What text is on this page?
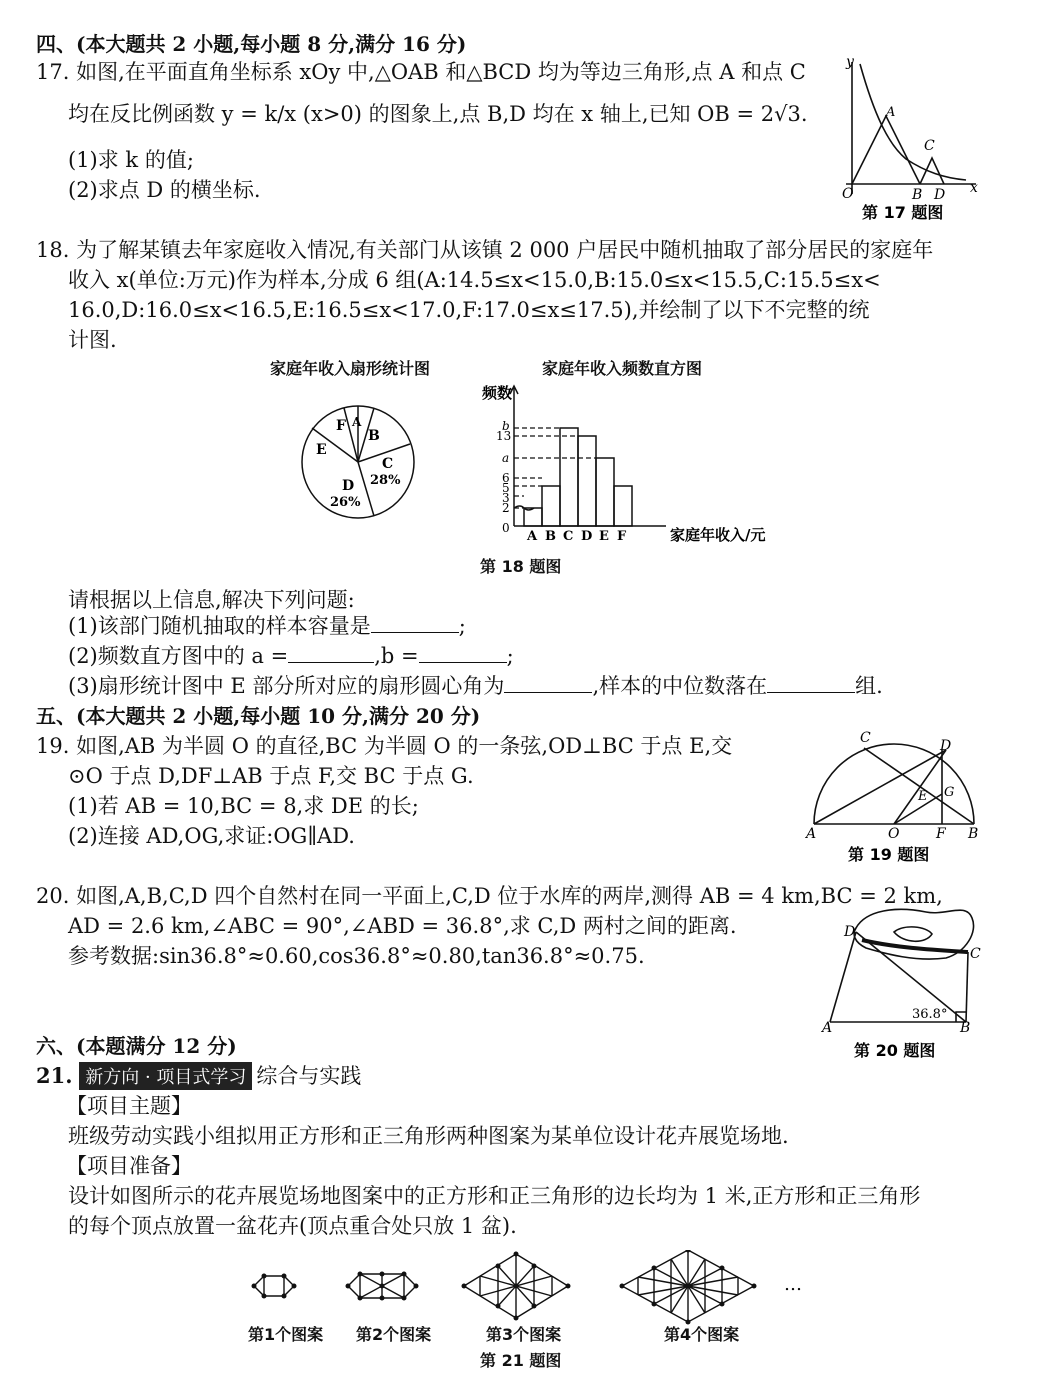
四、(本大题共 2 小题,每小题 8 分,满分 16 分)
17. 如图,在平面直角坐标系 xOy 中,△OAB 和△BCD 均为等边三角形,点 A 和点 C
均在反比例函数 y = k/x (x>0) 的图象上,点 B,D 均在 x 轴上,已知 OB = 2√3.
(1)求 k 的值;
(2)求点 D 的横坐标.	O
y
x
A
C
B D
第 17 题图
18. 为了解某镇去年家庭收入情况,有关部门从该镇 2 000 户居民中随机抽取了部分居民的家庭年
收入 x(单位:万元)作为样本,分成 6 组(A:14.5≤x<15.0,B:15.0≤x<15.5,C:15.5≤x<
16.0,D:16.0≤x<16.5,E:16.5≤x<17.0,F:17.0≤x≤17.5),并绘制了以下不完整的统
计图.
家庭年收入扇形统计图
F A
B
E
C
28%
D
26%
家庭年收入频数直方图
频数
b
13
a
6
5
3
2
0
A B C D E F	家庭年收入/元
第 18 题图
请根据以上信息,解决下列问题:
(1)该部门随机抽取的样本容量是	;
(2)频数直方图中的 a =	,b =	;
(3)扇形统计图中 E 部分所对应的扇形圆心角为	,样本的中位数落在	组.
五、(本大题共 2 小题,每小题 10 分,满分 20 分)
19. 如图,AB 为半圆 O 的直径,BC 为半圆 O 的一条弦,OD⊥BC 于点 E,交
⊙O 于点 D,DF⊥AB 于点 F,交 BC 于点 G.
(1)若 AB = 10,BC = 8,求 DE 的长;
(2)连接 AD,OG,求证:OG∥AD.	A	O	F B
C	D
E G
第 19 题图
20. 如图,A,B,C,D 四个自然村在同一平面上,C,D 位于水库的两岸,测得 AB = 4 km,BC = 2 km,
AD = 2.6 km,∠ABC = 90°,∠ABD = 36.8°,求 C,D 两村之间的距离.
参考数据:sin36.8°≈0.60,cos36.8°≈0.80,tan36.8°≈0.75.
D
C
A	B
36.8°
第 20 题图
六、(本题满分 12 分)
21. 新方向 · 项目式学习 综合与实践
【项目主题】
班级劳动实践小组拟用正方形和正三角形两种图案为某单位设计花卉展览场地.
【项目准备】
设计如图所示的花卉展览场地图案中的正方形和正三角形的边长均为 1 米,正方形和正三角形
的每个顶点放置一盆花卉(顶点重合处只放 1 盆).
…
第1个图案 第2个图案	第3个图案	第4个图案
第 21 题图
